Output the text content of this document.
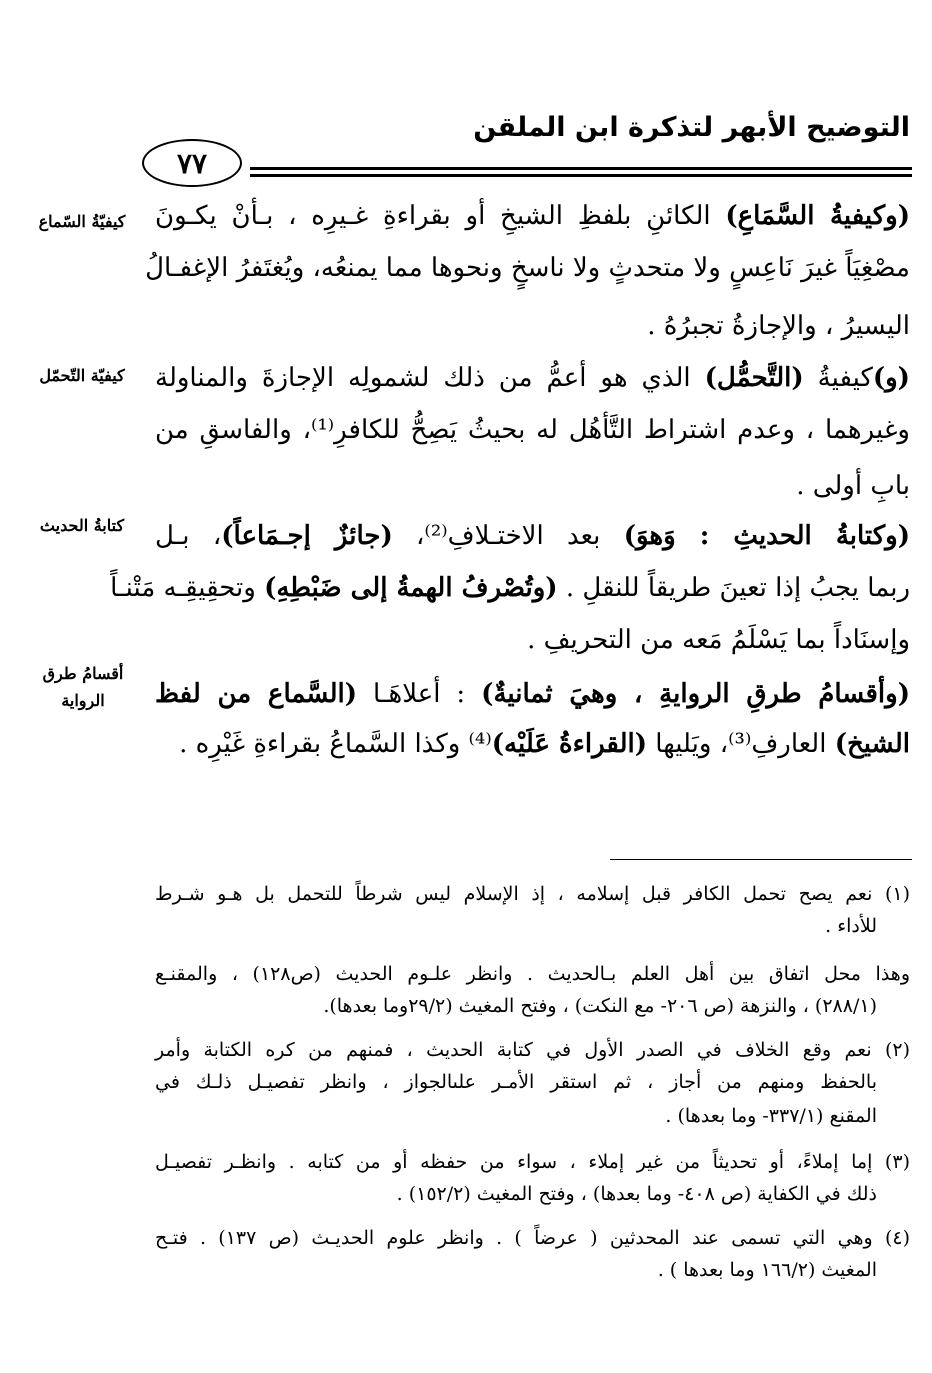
التوضيح الأبهر لتذكرة ابن الملقن
٧٧
كيفيّةُ السّماع
كيفيّة التّحمّل
كتابةُ الحديث
أقسامُ طرق الرواية
(وكيفيةُ السَّمَاعِ) الكائنِ بلفظِ الشيخِ أو بقراءةِ غـيرِه ، بـأنْ يكـونَ
مصْغِيَاً غيرَ نَاعِسٍ ولا متحدثٍ ولا ناسخٍ ونحوها مما يمنعُه، ويُغتَفرُ الإغفـالُ
اليسيرُ ، والإجازةُ تجبرُهُ .
(و)كيفيةُ (التَّحمُّل) الذي هو أعمُّ من ذلك لشمولِه الإجازةَ والمناولة
وغيرهما ، وعدم اشتراط التَّأهُل له بحيثُ يَصِحُّ للكافرِ⁽¹⁾، والفاسقِ من
بابِ أولى .
(وكتابةُ الحديثِ : وَهوَ) بعد الاختـلافِ⁽²⁾، (جائزٌ إجـمَاعاً)، بـل
ربما يجبُ إذا تعينَ طريقاً للنقلِ . (وتُصْرفُ الهمةُ إلى ضَبْطِهِ) وتحقِيقِـه مَتْنـاً
وإسنَاداً بما يَسْلَمُ مَعه من التحريفِ .
(وأقسامُ طرقِ الروايةِ ، وهيَ ثمانيةٌ) : أعلاهَـا (السَّماع من لفظ
الشيخ) العارفِ⁽³⁾، ويَليها (القراءةُ عَلَيْه)⁽⁴⁾ وكذا السَّماعُ بقراءةِ غَيْرِه .
(١) نعم يصح تحمل الكافر قبل إسلامه ، إذ الإسلام ليس شرطاً للتحمل بل هـو شـرط
للأداء .
وهذا محل اتفاق بين أهل العلم بـالحديث . وانظر علـوم الحديث (ص١٢٨) ، والمقنـع
(٢٨٨/١) ، والنزهة (ص ٢٠٦- مع النكت) ، وفتح المغيث (٢٩/٢وما بعدها).
(٢) نعم وقع الخلاف في الصدر الأول في كتابة الحديث ، فمنهم من كره الكتابة وأمر
بالحفظ ومنهم من أجاز ، ثم استقر الأمـر علىالجواز ، وانظر تفصيـل ذلـك في
المقنع (٣٣٧/١- وما بعدها) .
(٣) إما إملاءً، أو تحديثاً من غير إملاء ، سواء من حفظه أو من كتابه . وانظـر تفصيـل
ذلك في الكفاية (ص ٤٠٨- وما بعدها) ، وفتح المغيث (١٥٢/٢) .
(٤) وهي التي تسمى عند المحدثين ( عرضاً ) . وانظر علوم الحديـث (ص ١٣٧) . فتـح
المغيث (١٦٦/٢ وما بعدها ) .
